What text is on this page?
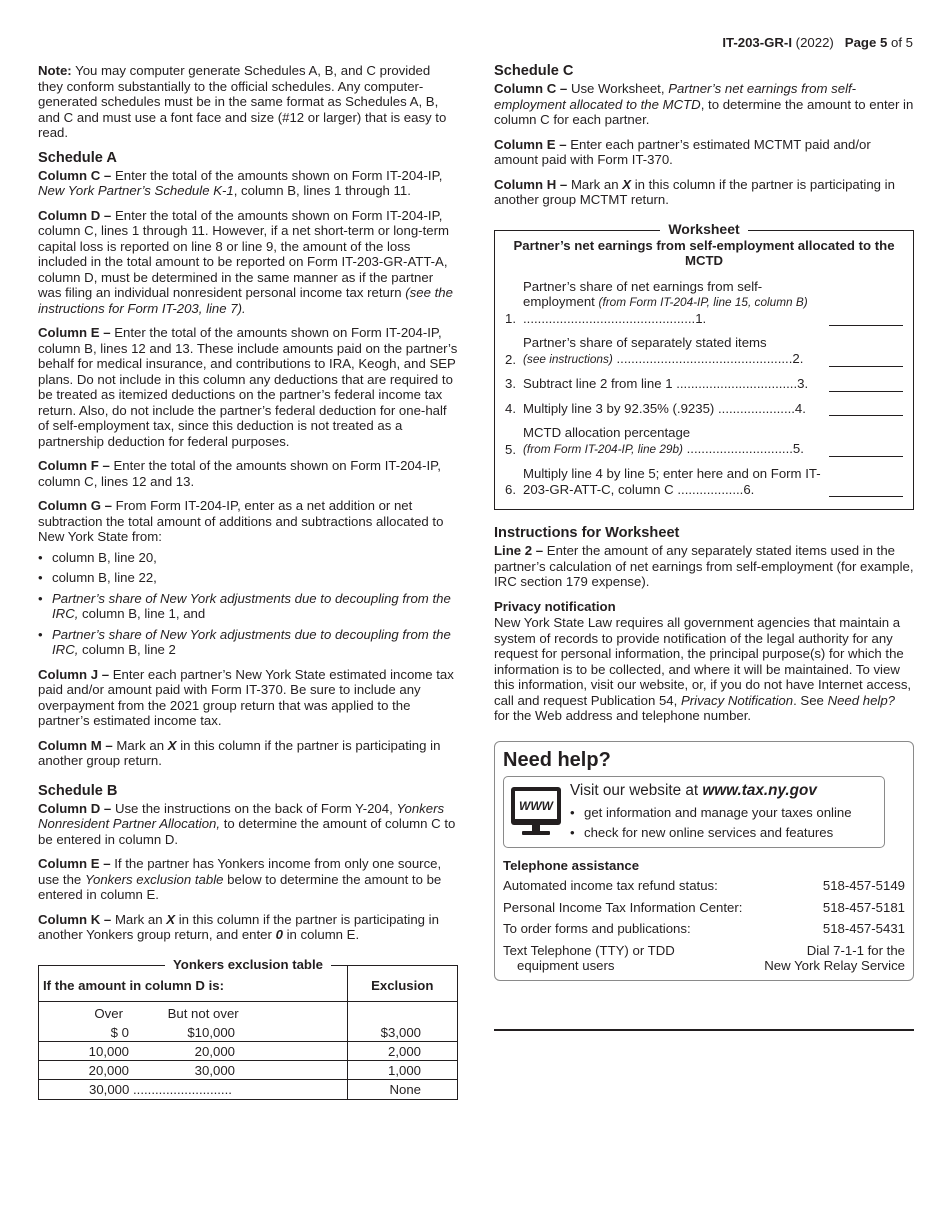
IT-203-GR-I (2022) Page 5 of 5

Note: You may computer generate Schedules A, B, and C provided they conform substantially to the official schedules. Any computer-generated schedules must be in the same format as Schedules A, B, and C and must use a font face and size (#12 or larger) that is easy to read.

Schedule A

Column C – Enter the total of the amounts shown on Form IT-204-IP, New York Partner’s Schedule K-1, column B, lines 1 through 11.

Column D – Enter the total of the amounts shown on Form IT-204-IP, column C, lines 1 through 11. However, if a net short-term or long-term capital loss is reported on line 8 or line 9, the amount of the loss included in the total amount to be reported on Form IT-203-GR-ATT-A, column D, must be determined in the same manner as if the partner was filing an individual nonresident personal income tax return (see the instructions for Form IT-203, line 7).

Column E – Enter the total of the amounts shown on Form IT-204-IP, column B, lines 12 and 13. These include amounts paid on the partner’s behalf for medical insurance, and contributions to IRA, Keogh, and SEP plans. Do not include in this column any deductions that are required to be treated as itemized deductions on the partner’s federal income tax return. Also, do not include the partner’s federal deduction for one-half of self-employment tax, since this deduction is not treated as a partnership deduction for federal purposes.

Column F – Enter the total of the amounts shown on Form IT-204-IP, column C, lines 12 and 13.

Column G – From Form IT-204-IP, enter as a net addition or net subtraction the total amount of additions and subtractions allocated to New York State from:

• column B, line 20,
• column B, line 22,
• Partner’s share of New York adjustments due to decoupling from the IRC, column B, line 1, and
• Partner’s share of New York adjustments due to decoupling from the IRC, column B, line 2

Column J – Enter each partner’s New York State estimated income tax paid and/or amount paid with Form IT-370. Be sure to include any overpayment from the 2021 group return that was applied to the partner’s estimated income tax.

Column M – Mark an X in this column if the partner is participating in another group return.

Schedule B

Column D – Use the instructions on the back of Form Y-204, Yonkers Nonresident Partner Allocation, to determine the amount of column C to be entered in column D.

Column E – If the partner has Yonkers income from only one source, use the Yonkers exclusion table below to determine the amount to be entered in column E.

Column K – Mark an X in this column if the partner is participating in another Yonkers group return, and enter 0 in column E.

Yonkers exclusion table
If the amount in column D is:	Exclusion
Over But not over	
$ 0 $10,000	$3,000
10,000 20,000	2,000
20,000 30,000	1,000
30,000 ...........................	None
Schedule C

Column C – Use Worksheet, Partner’s net earnings from self-employment allocated to the MCTD, to determine the amount to enter in column C for each partner.

Column E – Enter each partner’s estimated MCTMT paid and/or amount paid with Form IT-370.

Column H – Mark an X in this column if the partner is participating in another group MCTMT return.

Worksheet
Partner’s net earnings from self-employment allocated to the MCTD
1.
Partner’s share of net earnings from self-employment (from Form IT-204-IP, line 15, column B) ...............................................1.
2.
Partner’s share of separately stated items
(see instructions) ................................................2.
3. Subtract line 2 from line 1 .................................3.
4. Multiply line 3 by 92.35% (.9235) .....................4.
5.
MCTD allocation percentage
(from Form IT-204-IP, line 29b) .............................5.
6.
Multiply line 4 by line 5; enter here and on Form IT-203-GR-ATT-C, column C ..................6.
Instructions for Worksheet

Line 2 – Enter the amount of any separately stated items used in the partner’s calculation of net earnings from self-employment (for example, IRC section 179 expense).

Privacy notification

New York State Law requires all government agencies that maintain a system of records to provide notification of the legal authority for any request for personal information, the principal purpose(s) for which the information is to be collected, and where it will be maintained. To view this information, visit our website, or, if you do not have Internet access, call and request Publication 54, Privacy Notification. See Need help? for the Web address and telephone number.

Need help?
WWW
Visit our website at www.tax.ny.gov
• get information and manage your taxes online
• check for new online services and features
Telephone assistance
Automated income tax refund status:	518-457-5149
Personal Income Tax Information Center:	518-457-5181
To order forms and publications:	518-457-5431
Text Telephone (TTY) or TDD
equipment users
Dial 7-1-1 for the
New York Relay Service
